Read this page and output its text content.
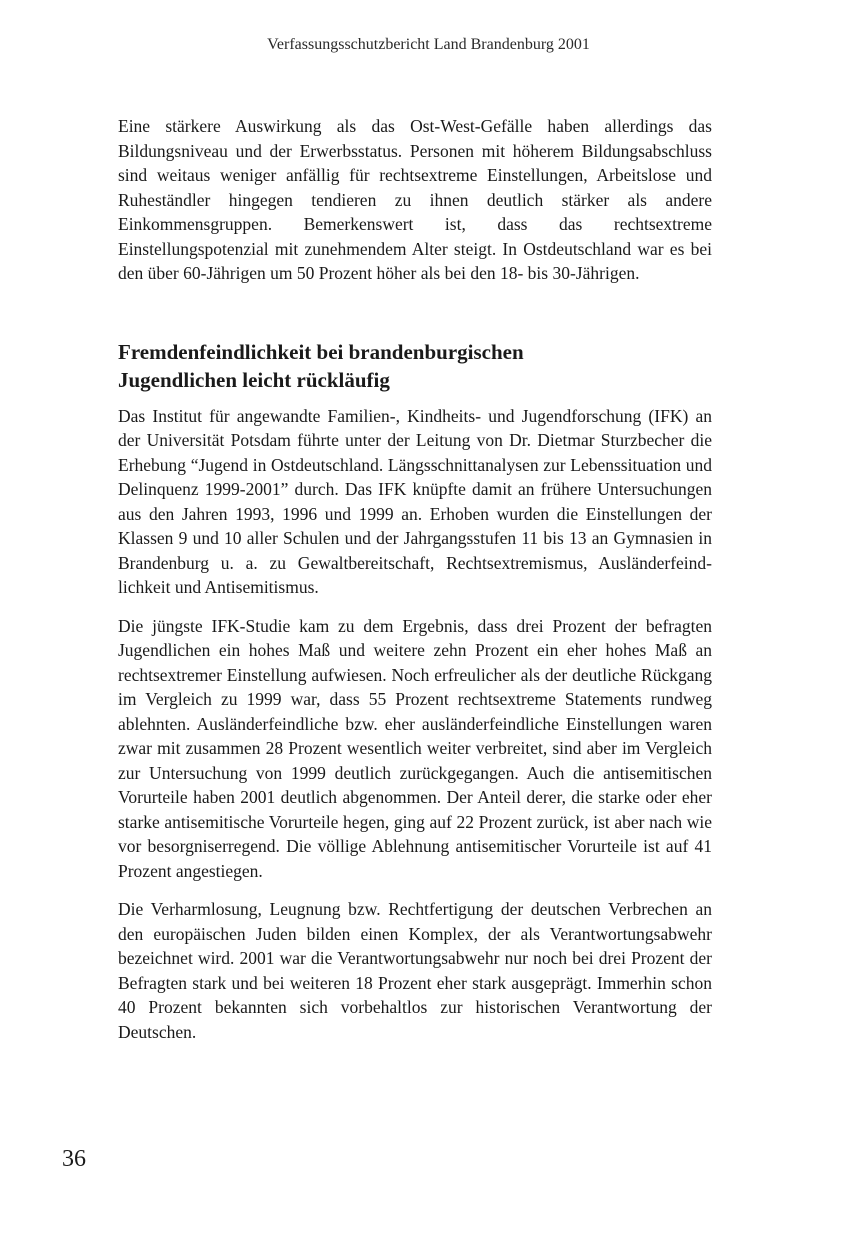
Verfassungsschutzbericht Land Brandenburg 2001

Eine stärkere Auswirkung als das Ost-West-Gefälle haben allerdings das Bildungsniveau und der Erwerbsstatus. Personen mit höherem Bildungsabschluss sind weitaus weniger anfällig für rechtsextreme Einstellungen, Arbeitslose und Ruheständler hingegen tendieren zu ihnen deutlich stärker als andere Einkommensgruppen. Bemerkenswert ist, dass das rechtsextreme Einstellungspotenzial mit zunehmendem Alter steigt. In Ostdeutschland war es bei den über 60-Jährigen um 50 Prozent höher als bei den 18- bis 30-Jährigen.

Fremdenfeindlichkeit bei brandenburgischen
Jugendlichen leicht rückläufig

Das Institut für angewandte Familien-, Kindheits- und Jugendforschung (IFK) an der Universität Potsdam führte unter der Leitung von Dr. Dietmar Sturzbecher die Erhebung “Jugend in Ostdeutschland. Längsschnittanalysen zur Lebenssituation und Delinquenz 1999-2001” durch. Das IFK knüpfte damit an frühere Untersuchungen aus den Jahren 1993, 1996 und 1999 an. Erhoben wurden die Einstellungen der Klassen 9 und 10 aller Schulen und der Jahrgangsstufen 11 bis 13 an Gymnasien in Brandenburg u. a. zu Gewaltbereitschaft, Rechtsextremismus, Ausländerfeindlichkeit und Antisemitismus.

Die jüngste IFK-Studie kam zu dem Ergebnis, dass drei Prozent der befragten Jugendlichen ein hohes Maß und weitere zehn Prozent ein eher hohes Maß an rechtsextremer Einstellung aufwiesen. Noch erfreulicher als der deutliche Rückgang im Vergleich zu 1999 war, dass 55 Prozent rechtsextreme Statements rundweg ablehnten. Ausländerfeindliche bzw. eher ausländerfeindliche Einstellungen waren zwar mit zusammen 28 Prozent wesentlich weiter verbreitet, sind aber im Vergleich zur Untersuchung von 1999 deutlich zurückgegangen. Auch die antisemitischen Vorurteile haben 2001 deutlich abgenommen. Der Anteil derer, die starke oder eher starke antisemitische Vorurteile hegen, ging auf 22 Prozent zurück, ist aber nach wie vor besorgniserregend. Die völlige Ablehnung antisemitischer Vorurteile ist auf 41 Prozent angestiegen.

Die Verharmlosung, Leugnung bzw. Rechtfertigung der deutschen Verbrechen an den europäischen Juden bilden einen Komplex, der als Verantwortungsabwehr bezeichnet wird. 2001 war die Verantwortungsabwehr nur noch bei drei Prozent der Befragten stark und bei weiteren 18 Prozent eher stark ausgeprägt. Immerhin schon 40 Prozent bekannten sich vorbehaltlos zur historischen Verantwortung der Deutschen.

36
